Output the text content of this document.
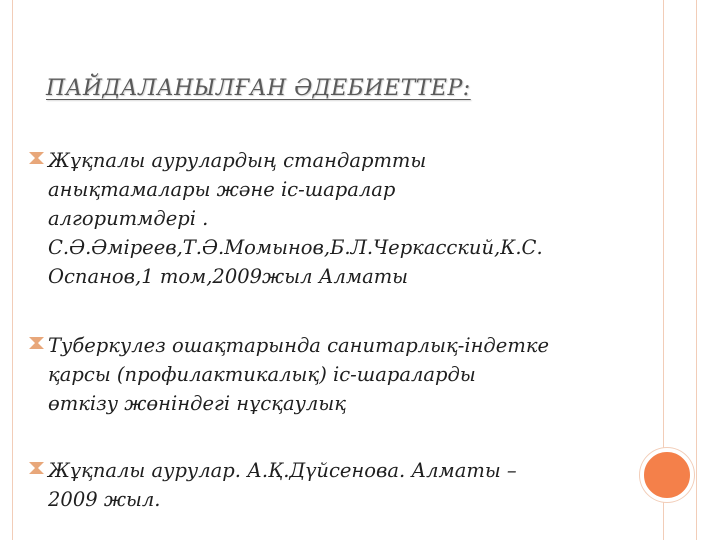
ПАЙДАЛАНЫЛҒАН ӘДЕБИЕТТЕР:
Жұқпалы аурулардың стандартты
анықтамалары және іс-шаралар
алгоритмдері .
С.Ә.Әміреев,Т.Ә.Момынов,Б.Л.Черкасский,К.С.
Оспанов,1 том,2009жыл Алматы
Туберкулез ошақтарында санитарлық-індетке
қарсы (профилактикалық) іс-шараларды
өткізу жөніндегі нұсқаулық
Жұқпалы аурулар. А.Қ.Дүйсенова. Алматы –
2009 жыл.
